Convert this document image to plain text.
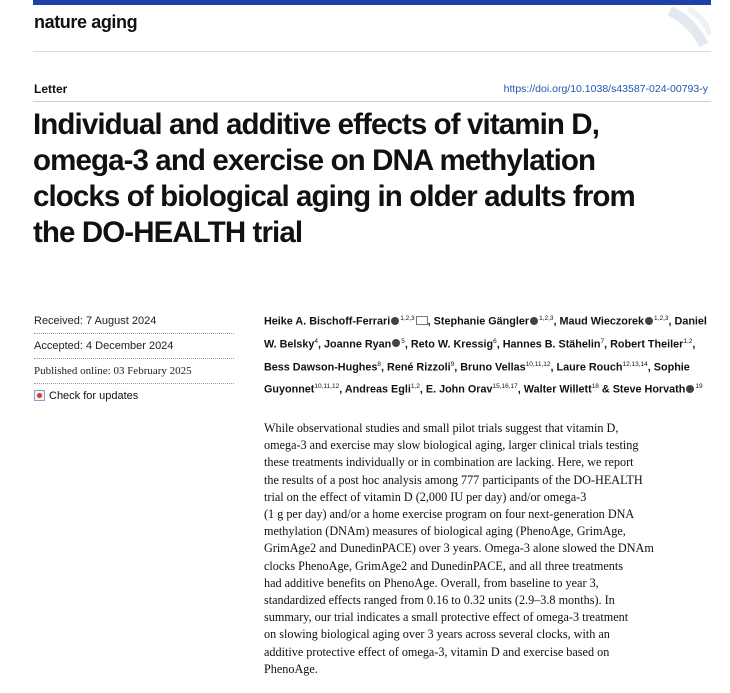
nature aging
Letter	https://doi.org/10.1038/s43587-024-00793-y
Individual and additive effects of vitamin D,
omega-3 and exercise on DNA methylation
clocks of biological aging in older adults from
the DO-HEALTH trial
Received: 7 August 2024
Accepted: 4 December 2024
Published online: 03 February 2025
Check for updates

Heike A. Bischoff-Ferrari $^{1,2,3}$ , Stephanie Gängler $^{1,2,3}$, Maud Wieczorek $^{1,2,3}$, Daniel W. Belsky$^4$, Joanne Ryan $^5$, Reto W. Kressig$^6$, Hannes B. Stähelin$^7$, Robert Theiler$^{1,2}$, Bess Dawson-Hughes$^8$, René Rizzoli$^9$, Bruno Vellas$^{10,11,12}$, Laure Rouch$^{12,13,14}$, Sophie Guyonnet$^{10,11,12}$, Andreas Egli$^{1,2}$, E. John Orav$^{15,16,17}$, Walter Willett$^{18}$ & Steve Horvath $^{19}$

While observational studies and small pilot trials suggest that vitamin D,
omega-3 and exercise may slow biological aging, larger clinical trials testing
these treatments individually or in combination are lacking. Here, we report
the results of a post hoc analysis among 777 participants of the DO-HEALTH
trial on the effect of vitamin D (2,000 IU per day) and/or omega-3
(1 g per day) and/or a home exercise program on four next-generation DNA
methylation (DNAm) measures of biological aging (PhenoAge, GrimAge,
GrimAge2 and DunedinPACE) over 3 years. Omega-3 alone slowed the DNAm
clocks PhenoAge, GrimAge2 and DunedinPACE, and all three treatments
had additive benefits on PhenoAge. Overall, from baseline to year 3,
standardized effects ranged from 0.16 to 0.32 units (2.9–3.8 months). In
summary, our trial indicates a small protective effect of omega-3 treatment
on slowing biological aging over 3 years across several clocks, with an
additive protective effect of omega-3, vitamin D and exercise based on
PhenoAge.
